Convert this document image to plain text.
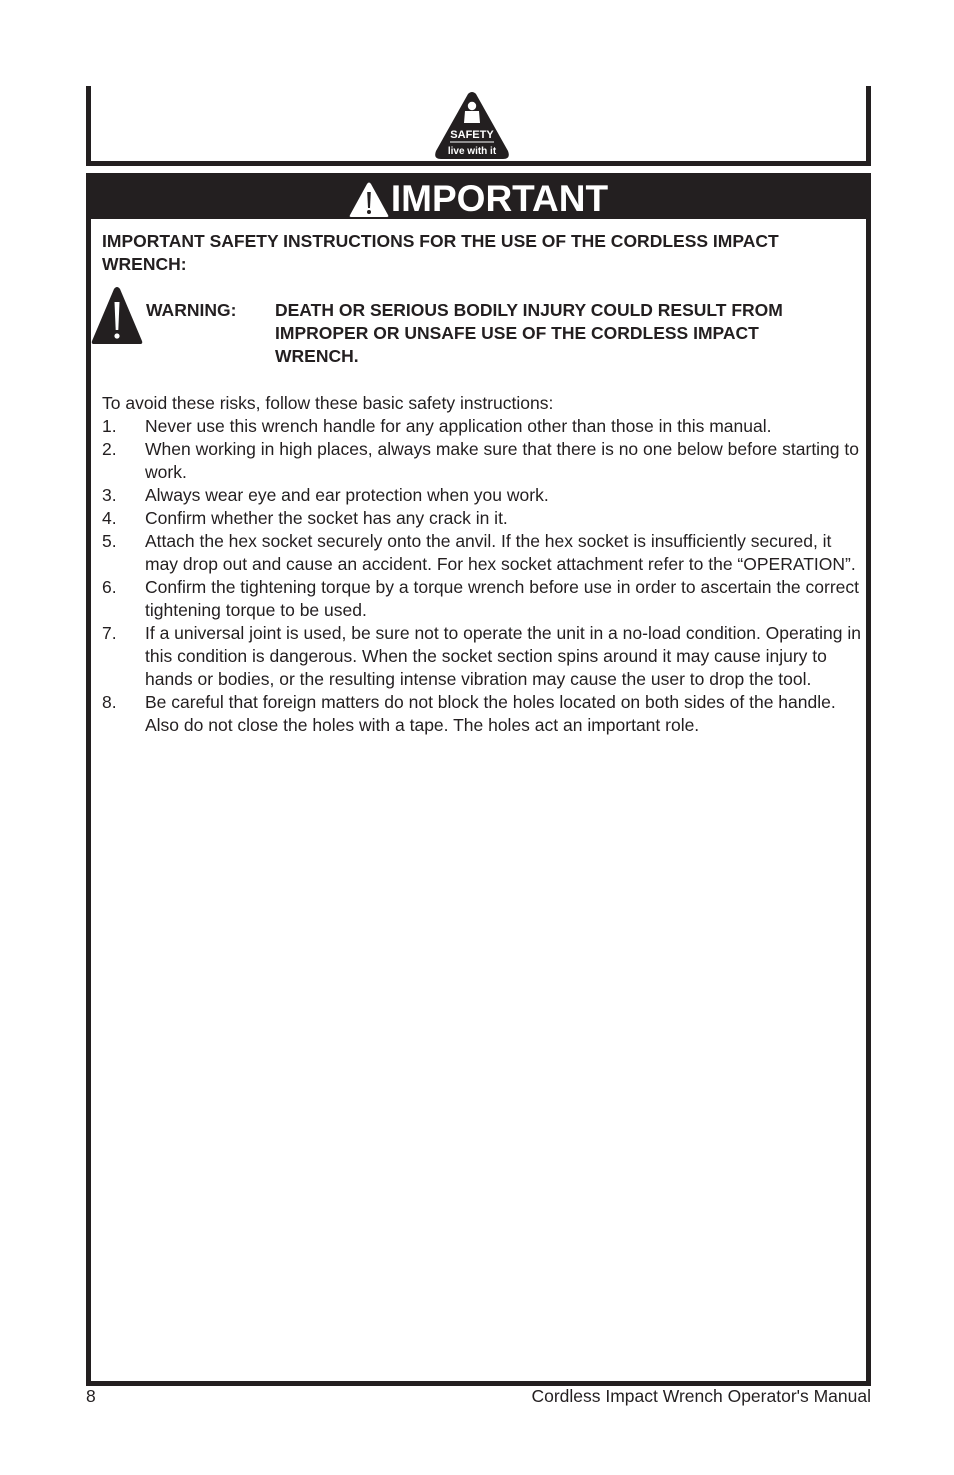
SAFETY
live with it
IMPORTANT
IMPORTANT SAFETY INSTRUCTIONS FOR THE USE OF THE CORDLESS IMPACT WRENCH:
WARNING: DEATH OR SERIOUS BODILY INJURY COULD RESULT FROM IMPROPER OR UNSAFE USE OF THE CORDLESS IMPACT WRENCH.
To avoid these risks, follow these basic safety instructions:
1. Never use this wrench handle for any application other than those in this manual.
2. When working in high places, always make sure that there is no one below before starting to work.
3. Always wear eye and ear protection when you work.
4. Confirm whether the socket has any crack in it.
5. Attach the hex socket securely onto the anvil. If the hex socket is insufficiently secured, it may drop out and cause an accident. For hex socket attachment refer to the “OPERATION”.
6. Confirm the tightening torque by a torque wrench before use in order to ascertain the correct tightening torque to be used.
7. If a universal joint is used, be sure not to operate the unit in a no-load condition. Operating in this condition is dangerous. When the socket section spins around it may cause injury to hands or bodies, or the resulting intense vibration may cause the user to drop the tool.
8. Be careful that foreign matters do not block the holes located on both sides of the handle. Also do not close the holes with a tape. The holes act an important role.
8	Cordless Impact Wrench Operator's Manual
